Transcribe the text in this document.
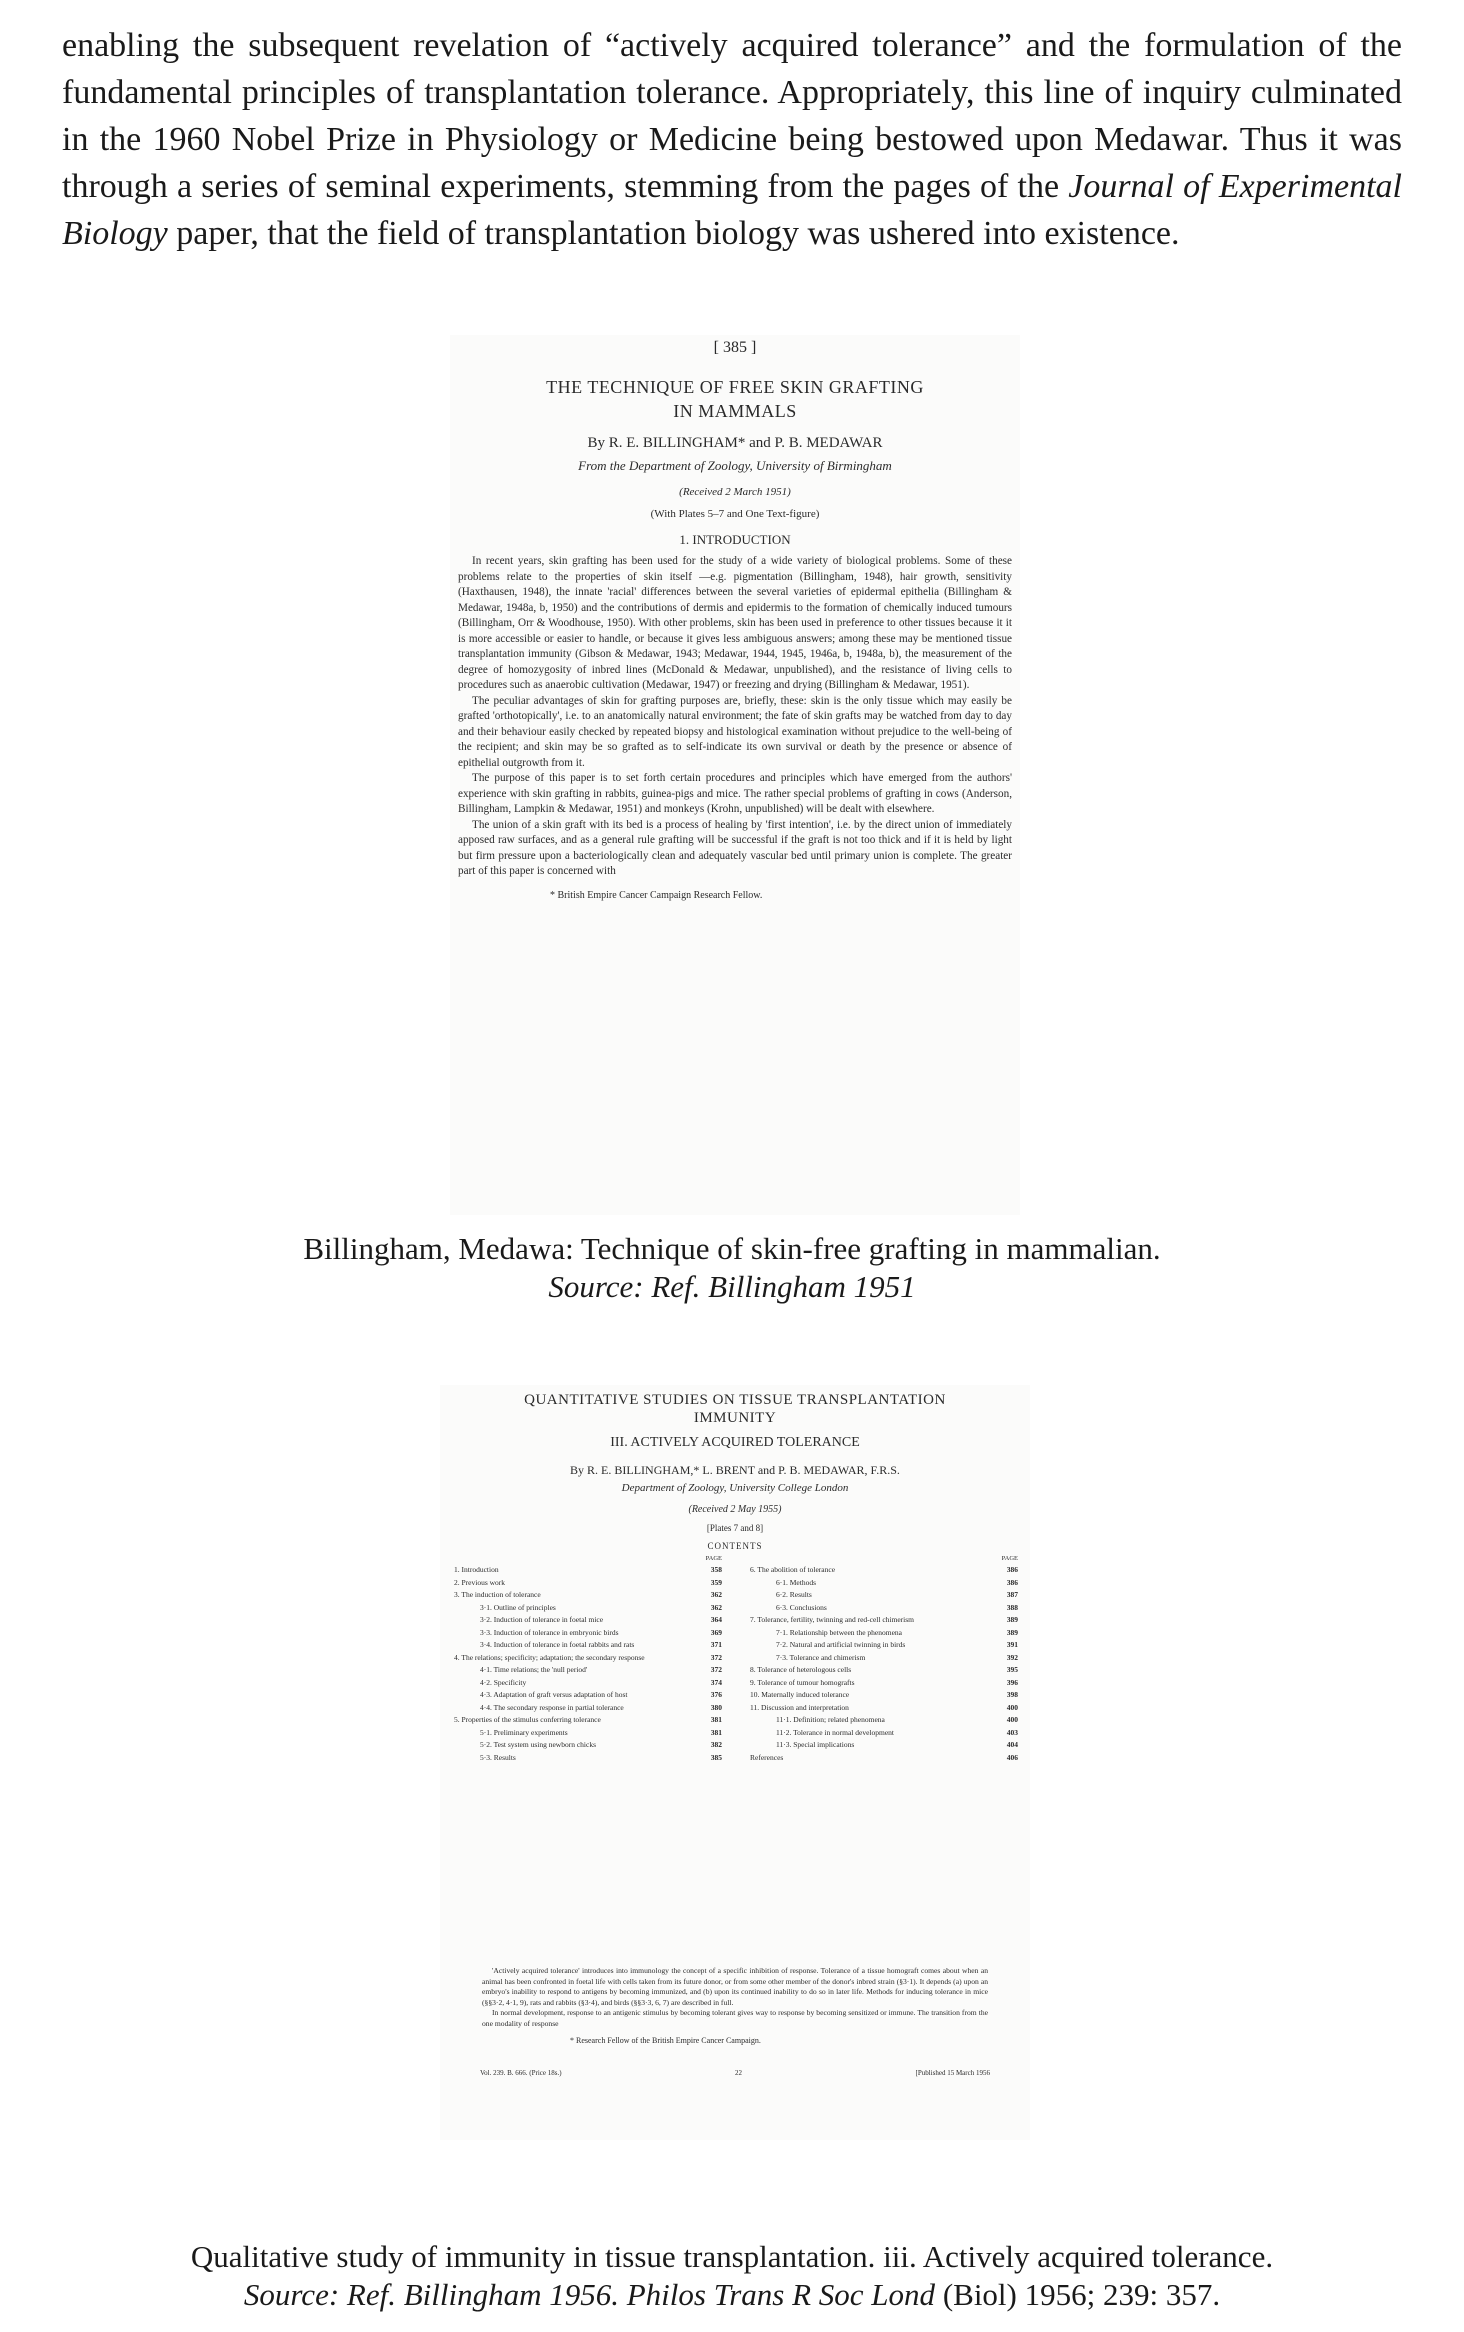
enabling the subsequent revelation of “actively acquired tolerance” and the formulation of the fundamental principles of transplantation tolerance. Appropriately, this line of inquiry culminated in the 1960 Nobel Prize in Physiology or Medicine being bestowed upon Medawar. Thus it was through a series of seminal experiments, stemming from the pages of the Journal of Experimental Biology paper, that the field of transplantation biology was ushered into existence.

[ 385 ]
THE TECHNIQUE OF FREE SKIN GRAFTING
IN MAMMALS
By R. E. BILLINGHAM* and P. B. MEDAWAR
From the Department of Zoology, University of Birmingham
(Received 2 March 1951)
(With Plates 5–7 and One Text-figure)
1. INTRODUCTION

In recent years, skin grafting has been used for the study of a wide variety of biological problems. Some of these problems relate to the properties of skin itself —e.g. pigmentation (Billingham, 1948), hair growth, sensitivity (Haxthausen, 1948), the innate 'racial' differences between the several varieties of epidermal epithelia (Billingham & Medawar, 1948a, b, 1950) and the contributions of dermis and epidermis to the formation of chemically induced tumours (Billingham, Orr & Woodhouse, 1950). With other problems, skin has been used in preference to other tissues because it it is more accessible or easier to handle, or because it gives less ambiguous answers; among these may be mentioned tissue transplantation immunity (Gibson & Medawar, 1943; Medawar, 1944, 1945, 1946a, b, 1948a, b), the measurement of the degree of homozygosity of inbred lines (McDonald & Medawar, unpublished), and the resistance of living cells to procedures such as anaerobic cultivation (Medawar, 1947) or freezing and drying (Billingham & Medawar, 1951).

The peculiar advantages of skin for grafting purposes are, briefly, these: skin is the only tissue which may easily be grafted 'orthotopically', i.e. to an anatomically natural environment; the fate of skin grafts may be watched from day to day and their behaviour easily checked by repeated biopsy and histological examination without prejudice to the well-being of the recipient; and skin may be so grafted as to self-indicate its own survival or death by the presence or absence of epithelial outgrowth from it.

The purpose of this paper is to set forth certain procedures and principles which have emerged from the authors' experience with skin grafting in rabbits, guinea-pigs and mice. The rather special problems of grafting in cows (Anderson, Billingham, Lampkin & Medawar, 1951) and monkeys (Krohn, unpublished) will be dealt with elsewhere.

The union of a skin graft with its bed is a process of healing by 'first intention', i.e. by the direct union of immediately apposed raw surfaces, and as a general rule grafting will be successful if the graft is not too thick and if it is held by light but firm pressure upon a bacteriologically clean and adequately vascular bed until primary union is complete. The greater part of this paper is concerned with

* British Empire Cancer Campaign Research Fellow.
Billingham, Medawa: Technique of skin-free grafting in mammalian.
Source: Ref. Billingham 1951
QUANTITATIVE STUDIES ON TISSUE TRANSPLANTATION
IMMUNITY
III. ACTIVELY ACQUIRED TOLERANCE
By R. E. BILLINGHAM,* L. BRENT and P. B. MEDAWAR, F.R.S.
Department of Zoology, University College London
(Received 2 May 1955)
[Plates 7 and 8]
CONTENTS
PAGE
1. Introduction	358
2. Previous work	359
3. The induction of tolerance	362
3·1. Outline of principles	362
3·2. Induction of tolerance in foetal mice	364
3·3. Induction of tolerance in embryonic birds	369
3·4. Induction of tolerance in foetal rabbits and rats	371
4. The relations; specificity; adaptation; the secondary response	372
4·1. Time relations; the 'null period'	372
4·2. Specificity	374
4·3. Adaptation of graft versus adaptation of host	376
4·4. The secondary response in partial tolerance	380
5. Properties of the stimulus conferring tolerance	381
5·1. Preliminary experiments	381
5·2. Test system using newborn chicks	382
5·3. Results	385
PAGE
6. The abolition of tolerance	386
6·1. Methods	386
6·2. Results	387
6·3. Conclusions	388
7. Tolerance, fertility, twinning and red-cell chimerism	389
7·1. Relationship between the phenomena	389
7·2. Natural and artificial twinning in birds	391
7·3. Tolerance and chimerism	392
8. Tolerance of heterologous cells	395
9. Tolerance of tumour homografts	396
10. Maternally induced tolerance	398
11. Discussion and interpretation	400
11·1. Definition; related phenomena	400
11·2. Tolerance in normal development	403
11·3. Special implications	404
References	406

'Actively acquired tolerance' introduces into immunology the concept of a specific inhibition of response. Tolerance of a tissue homograft comes about when an animal has been confronted in foetal life with cells taken from its future donor, or from some other member of the donor's inbred strain (§3·1). It depends (a) upon an embryo's inability to respond to antigens by becoming immunized, and (b) upon its continued inability to do so in later life. Methods for inducing tolerance in mice (§§3·2, 4·1, 9), rats and rabbits (§3·4), and birds (§§3·3, 6, 7) are described in full.

In normal development, response to an antigenic stimulus by becoming tolerant gives way to response by becoming sensitized or immune. The transition from the one modality of response

* Research Fellow of the British Empire Cancer Campaign.
Vol. 239. B. 666. (Price 18s.)	22	[Published 15 March 1956
Qualitative study of immunity in tissue transplantation. iii. Actively acquired tolerance.
Source: Ref. Billingham 1956. Philos Trans R Soc Lond (Biol) 1956; 239: 357.
